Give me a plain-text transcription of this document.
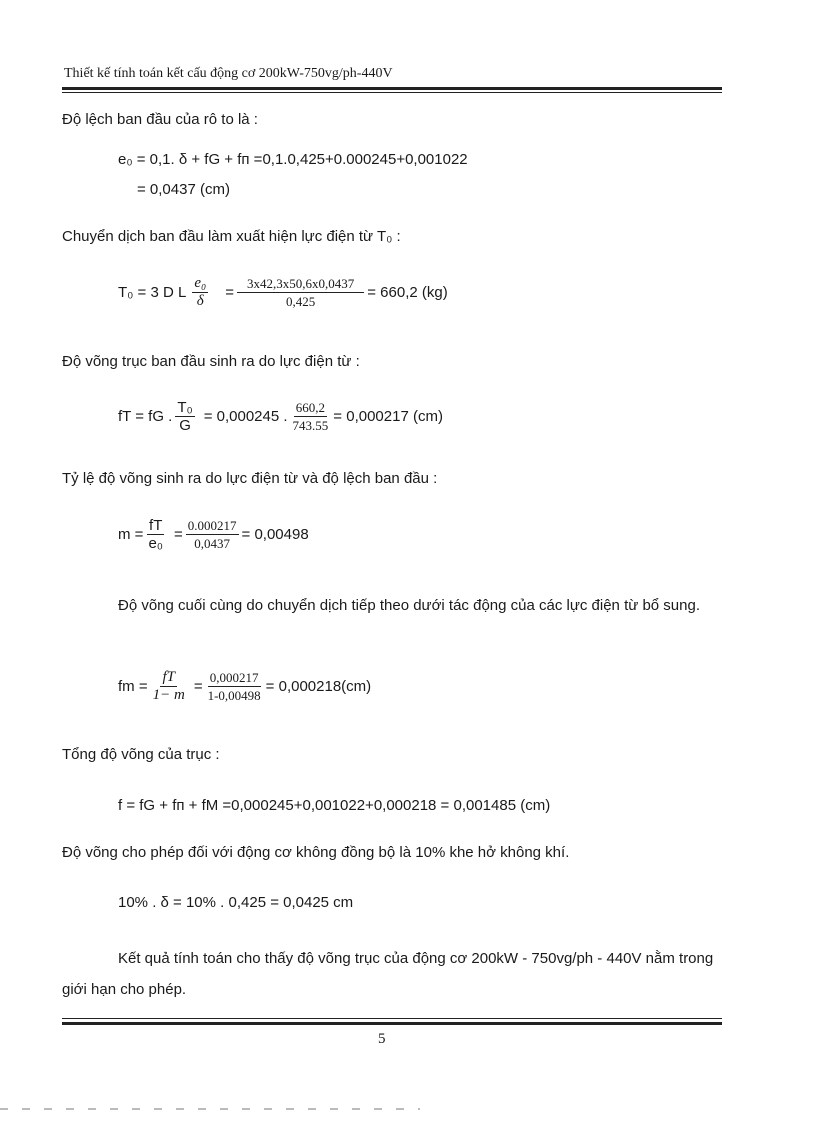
Thiết kế tính toán kết cấu động cơ 200kW-750vg/ph-440V
Độ lệch ban đầu của rô to là :
e₀ = 0,1. δ + fG + fп =0,1.0,425+0.000245+0,001022
= 0,0437 (cm)
Chuyển dịch ban đầu làm xuất hiện lực điện từ T₀ :
T₀ = 3 D L $\frac{\text{e₀}}{\delta} = \frac{3x42,3x50,6x0,0437}{0,425} = 660,2$ (kg)
Độ võng trục ban đầu sinh ra do lực điện từ :
fT = fG . $\frac{\text{T₀}}{G} = 0,000245$ . $\frac{660,2}{743.55} = 0,000217$ (cm)
Tỷ lệ độ võng sinh ra do lực điện từ và độ lệch ban đầu :
$m = \frac{fT}{\text{e₀}} = \frac{0.000217}{0,0437} = 0,00498$
Độ võng cuối cùng do chuyển dịch tiếp theo dưới tác động của các lực điện từ bổ sung.
fm = $\frac{fT}{1- m} = \frac{0,000217}{1-0,00498} = 0,000218(cm)$
Tổng độ võng của trục :
f = fG + fп + fM =0,000245+0,001022+0,000218 = 0,001485 (cm)
Độ võng cho phép đối với động cơ không đồng bộ là 10% khe hở không khí.
10% . δ = 10% . 0,425 = 0,0425 cm
Kết quả tính toán cho thấy độ võng trục của động cơ 200kW - 750vg/ph - 440V nằm trong giới hạn cho phép.
5
